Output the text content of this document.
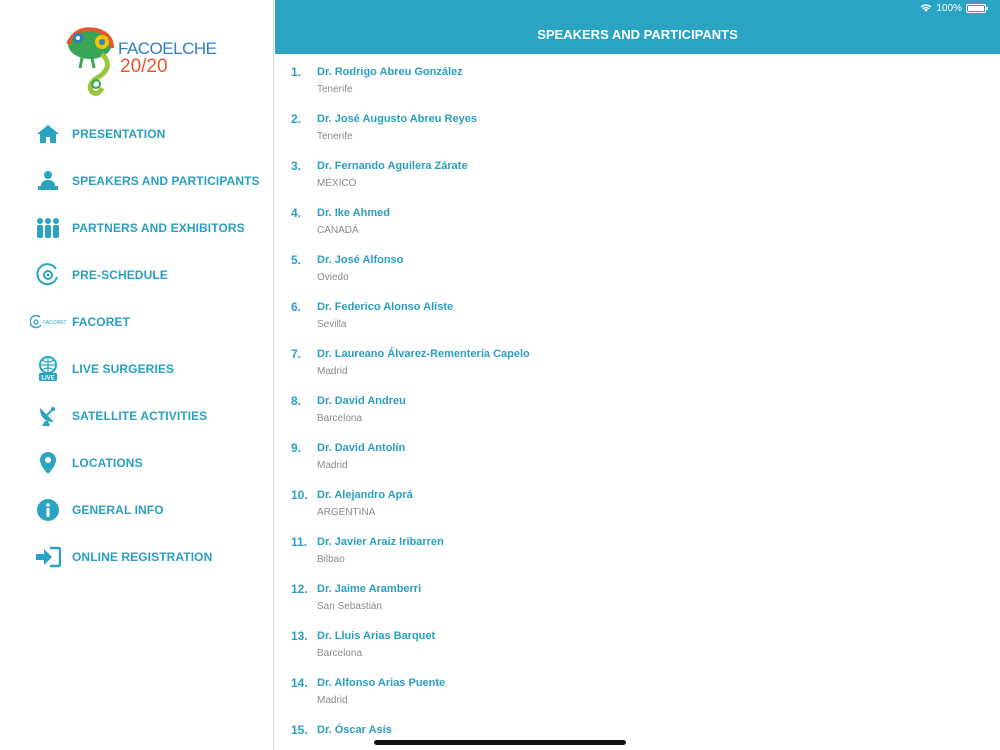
FACOELCHE
20/20
PRESENTATION
SPEAKERS AND PARTICIPANTS
PARTNERS AND EXHIBITORS
PRE-SCHEDULE
FACORET FACORET
LIVE
LIVE SURGERIES
SATELLITE ACTIVITIES
LOCATIONS
GENERAL INFO
ONLINE REGISTRATION
100%
SPEAKERS AND PARTICIPANTS
1. Dr. Rodrigo Abreu González
Tenerife
2. Dr. José Augusto Abreu Reyes
Tenerife
3. Dr. Fernando Aguilera Zárate
MÉXICO
4. Dr. Ike Ahmed
CANADÁ
5. Dr. José Alfonso
Oviedo
6. Dr. Federico Alonso Aliste
Sevilla
7. Dr. Laureano Álvarez-Rementería Capelo
Madrid
8. Dr. David Andreu
Barcelona
9. Dr. David Antolín
Madrid
10. Dr. Alejandro Aprá
ARGENTINA
11. Dr. Javier Araiz Iribarren
Bilbao
12. Dr. Jaime Aramberri
San Sebastián
13. Dr. Lluis Arias Barquet
Barcelona
14. Dr. Alfonso Arias Puente
Madrid
15. Dr. Óscar Asís
